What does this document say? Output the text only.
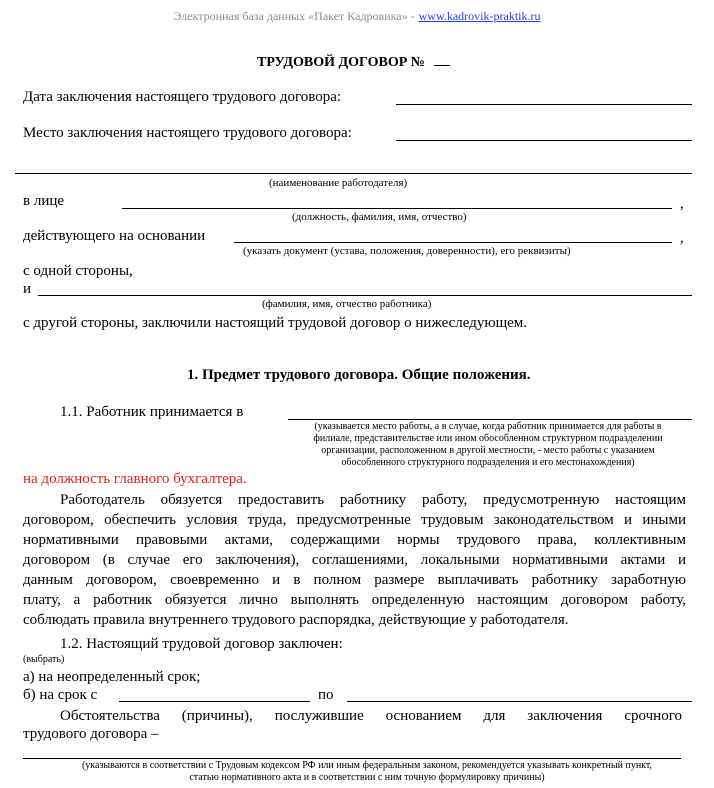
Электронная база данных «Пакет Кадровика» - www.kadrovik-praktik.ru
ТРУДОВОЙ ДОГОВОР №
Дата заключения настоящего трудового договора:
Место заключения настоящего трудового договора:
(наименование работодателя)
в лице	,
(должность, фамилия, имя, отчество)
действующего на основании	,
(указать документ (устава, положения, доверенности), его реквизиты)
с одной стороны,
и
(фамилия, имя, отчество работника)
с другой стороны, заключили настоящий трудовой договор о нижеследующем.
1. Предмет трудового договора. Общие положения.
1.1. Работник принимается в
(указывается место работы, а в случае, когда работник принимается для работы в
филиале, представительстве или ином обособленном структурном подразделении
организации, расположенном в другой местности, - место работы с указанием
обособленного структурного подразделения и его местонахождения)
на должность главного бухгалтера.
Работодатель обязуется предоставить работнику работу, предусмотренную настоящим
договором, обеспечить условия труда, предусмотренные трудовым законодательством и иными
нормативными правовыми актами, содержащими нормы трудового права, коллективным
договором (в случае его заключения), соглашениями, локальными нормативными актами и
данным договором, своевременно и в полном размере выплачивать работнику заработную
плату, а работник обязуется лично выполнять определенную настоящим договором работу,
соблюдать правила внутреннего трудового распорядка, действующие у работодателя.
1.2. Настоящий трудовой договор заключен:
(выбрать)
а) на неопределенный срок;
б) на срок с	по
Обстоятельства (причины), послужившие основанием для заключения срочного
трудового договора –
(указываются в соответствии с Трудовым кодексом РФ или иным федеральным законом, рекомендуется указывать конкретный пункт,
статью нормативного акта и в соответствии с ним точную формулировку причины)
